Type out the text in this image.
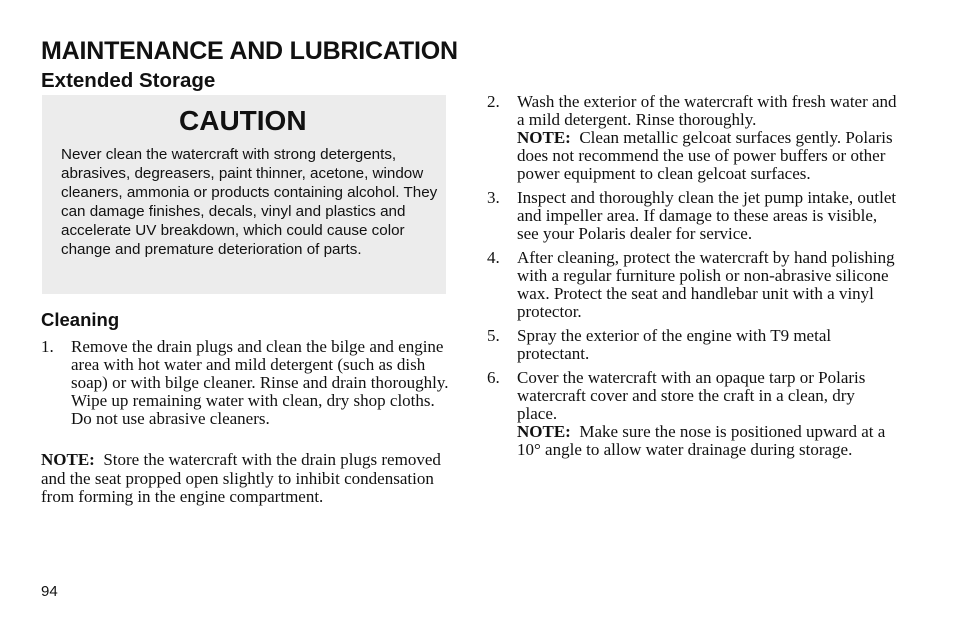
MAINTENANCE AND LUBRICATION
Extended Storage
CAUTION

Never clean the watercraft with strong detergents, abrasives, degreasers, paint thinner, acetone, window cleaners, ammonia or products containing alcohol. They can damage finishes, decals, vinyl and plastics and accelerate UV breakdown, which could cause color change and premature deterioration of parts.

Cleaning
1. Remove the drain plugs and clean the bilge and engine area with hot water and mild detergent (such as dish soap) or with bilge cleaner. Rinse and drain thoroughly. Wipe up remaining water with clean, dry shop cloths. Do not use abrasive cleaners.

NOTE: Store the watercraft with the drain plugs removed and the seat propped open slightly to inhibit condensation from forming in the engine compartment.

2. Wash the exterior of the watercraft with fresh water and a mild detergent. Rinse thoroughly.
NOTE: Clean metallic gelcoat surfaces gently. Polaris does not recommend the use of power buffers or other power equipment to clean gelcoat surfaces.
3. Inspect and thoroughly clean the jet pump intake, outlet and impeller area. If damage to these areas is visible, see your Polaris dealer for service.
4. After cleaning, protect the watercraft by hand polishing with a regular furniture polish or non-abrasive silicone wax. Protect the seat and handlebar unit with a vinyl protector.
5. Spray the exterior of the engine with T9 metal protectant.
6. Cover the watercraft with an opaque tarp or Polaris watercraft cover and store the craft in a clean, dry place.
NOTE: Make sure the nose is positioned upward at a 10° angle to allow water drainage during storage.

94
